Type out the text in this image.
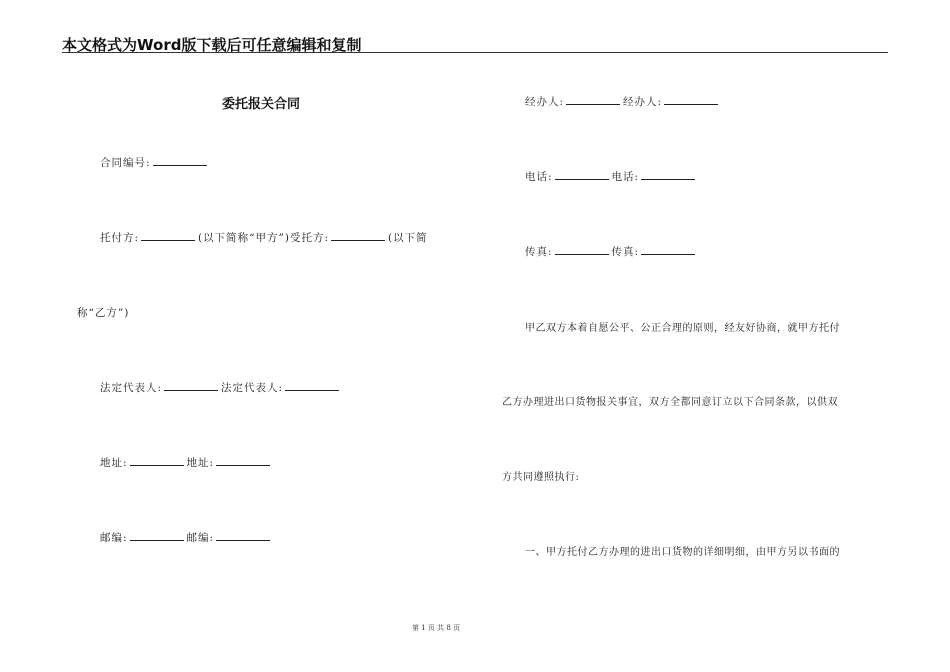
本文格式为Word版下载后可任意编辑和复制
委托报关合同
合同编号:
托付方:	(以下简称“甲方”)受托方:	(以下简
称“乙方”)
法定代表人:	法定代表人:
地址:	地址:
邮编:	邮编:
经办人:	经办人:
电话:	电话:
传真:	传真:
甲乙双方本着自愿公平、公正合理的原则，经友好协商，就甲方托付
乙方办理进出口货物报关事宜，双方全都同意订立以下合同条款，以供双
方共同遵照执行:
一、甲方托付乙方办理的进出口货物的详细明细，由甲方另以书面的
第 1 页 共 8 页
